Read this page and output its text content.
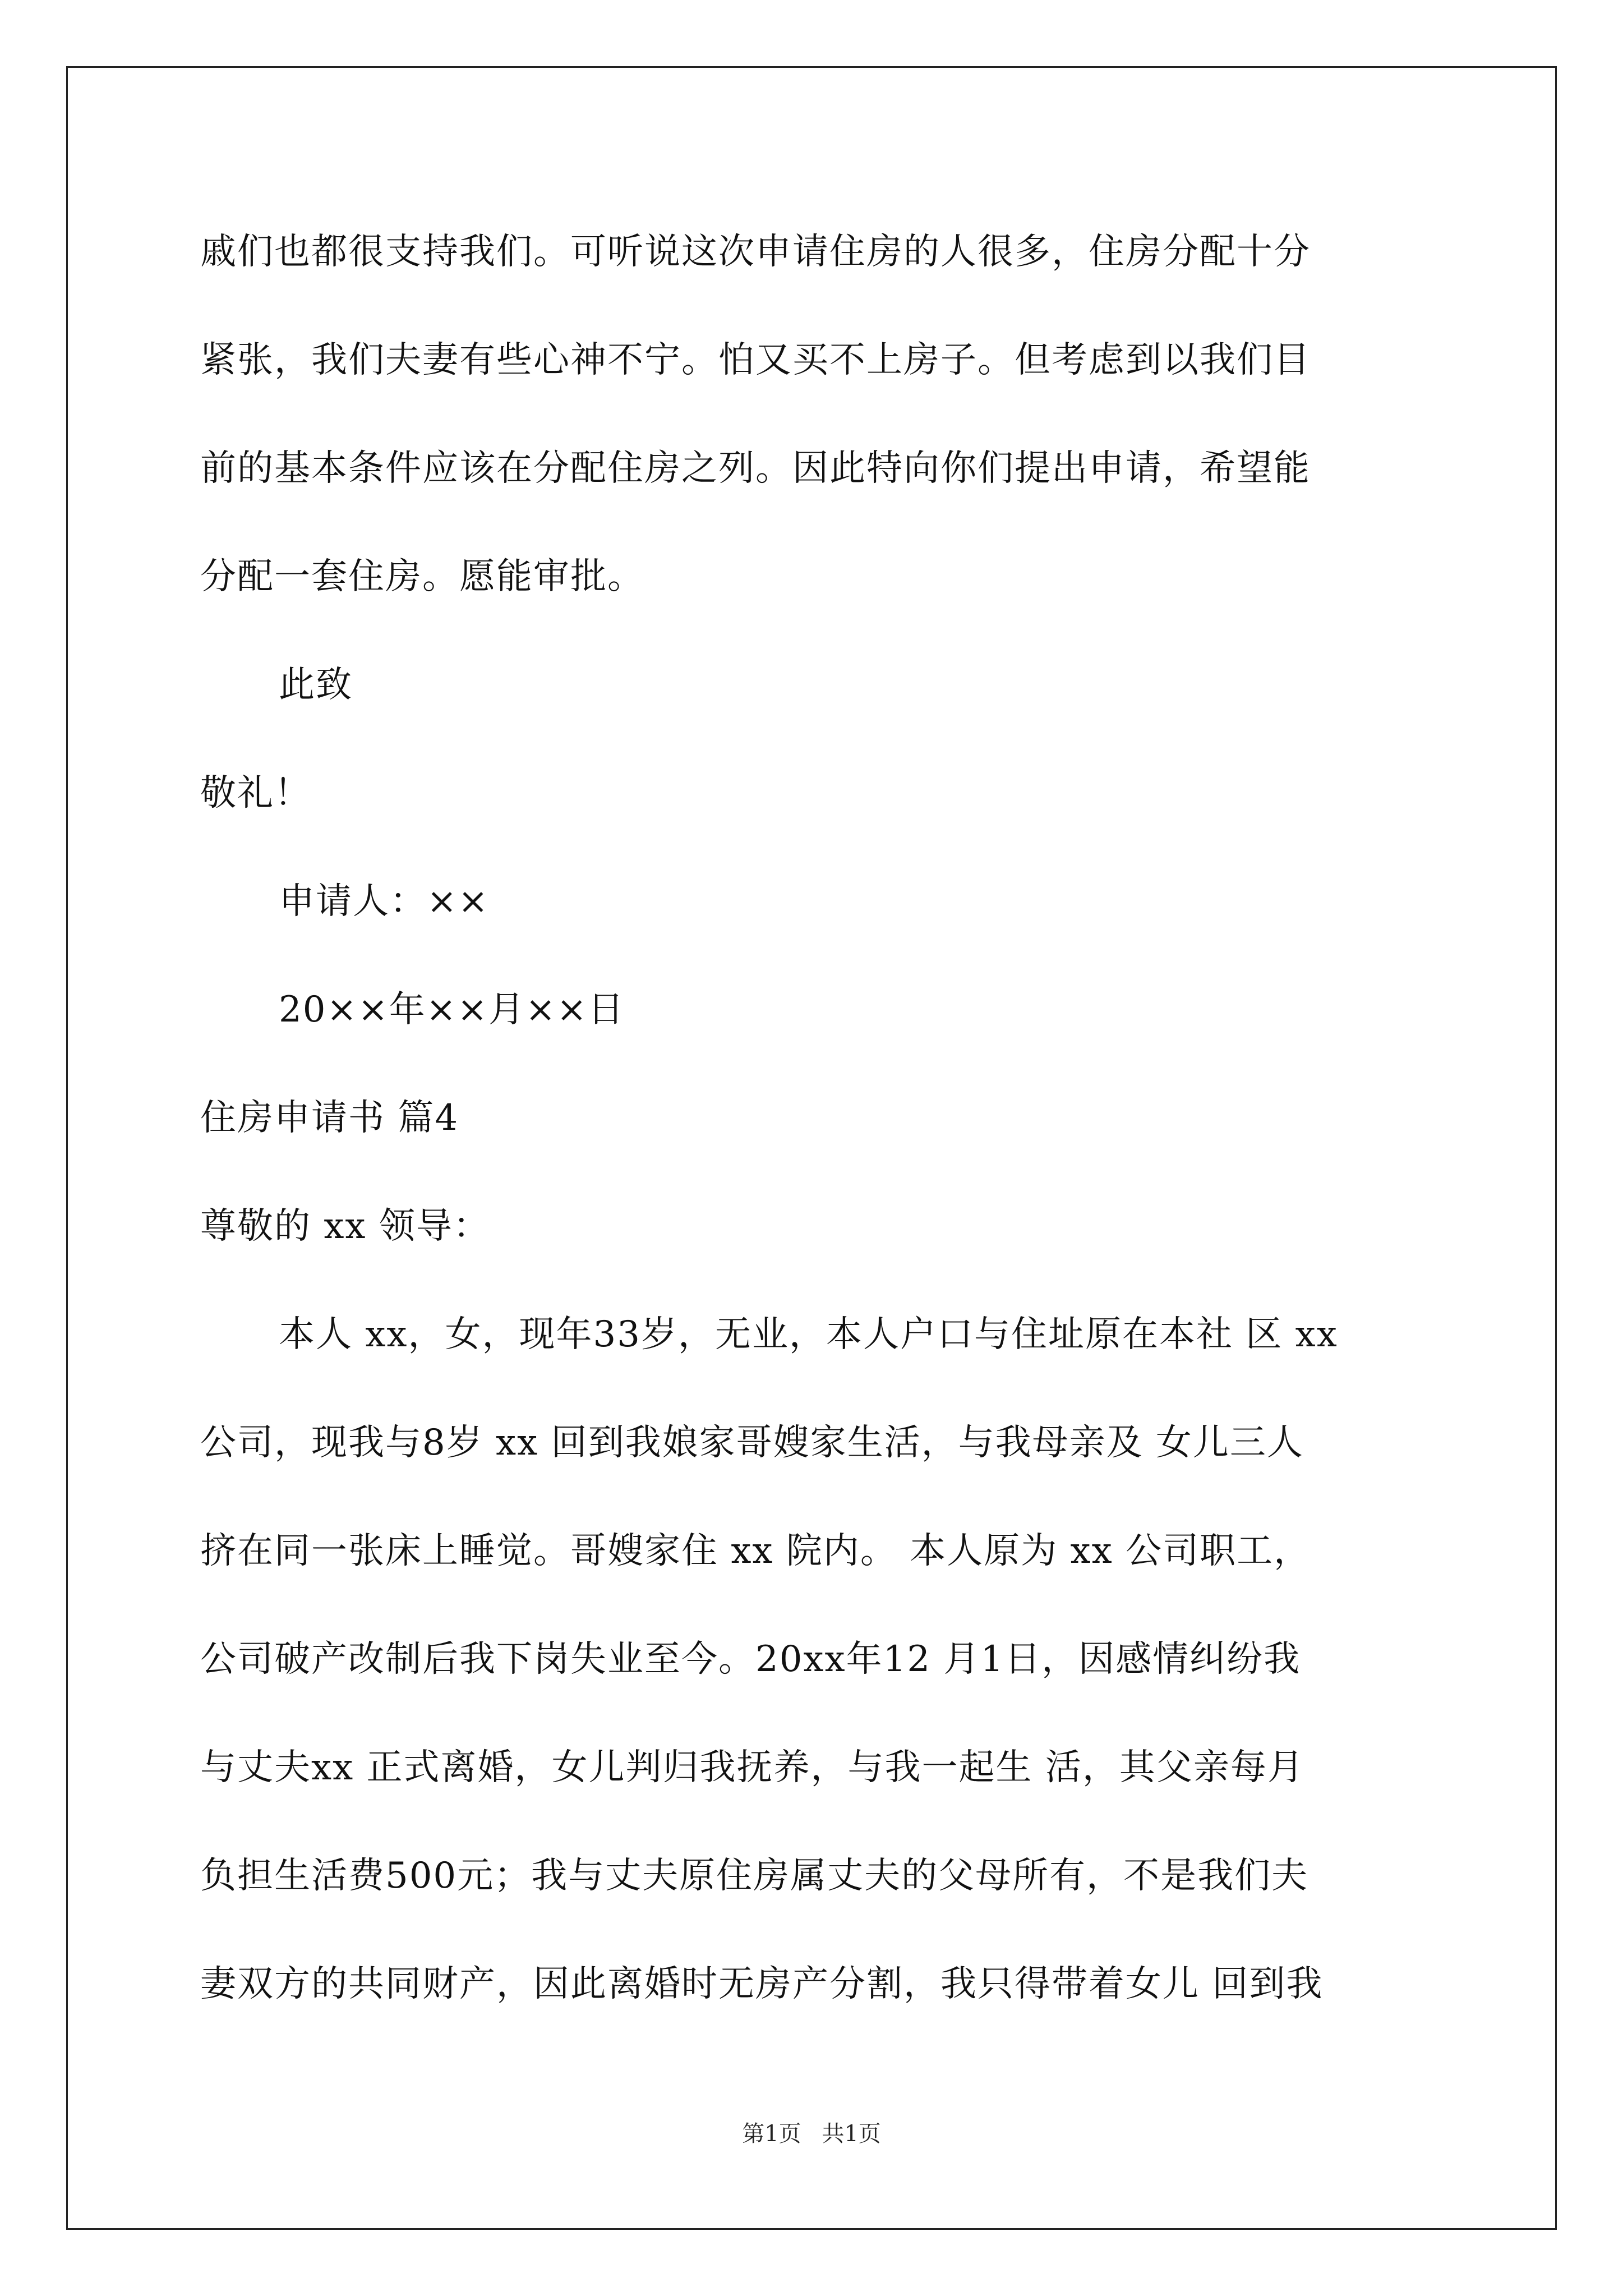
戚们也都很支持我们。可听说这次申请住房的人很多，住房分配十分
紧张，我们夫妻有些心神不宁。怕又买不上房子。但考虑到以我们目
前的基本条件应该在分配住房之列。因此特向你们提出申请，希望能
分配一套住房。愿能审批。
此致
敬礼！
申请人：××
20××年××月××日
住房申请书 篇4
尊敬的 xx 领导：
本人 xx，女，现年33岁，无业，本人户口与住址原在本社 区 xx
公司，现我与8岁 xx 回到我娘家哥嫂家生活，与我母亲及 女儿三人
挤在同一张床上睡觉。哥嫂家住 xx 院内。 本人原为 xx 公司职工，
公司破产改制后我下岗失业至今。20xx年12 月1日，因感情纠纷我
与丈夫xx 正式离婚，女儿判归我抚养，与我一起生 活，其父亲每月
负担生活费500元；我与丈夫原住房属丈夫的父母所有，不是我们夫
妻双方的共同财产，因此离婚时无房产分割，我只得带着女儿 回到我
第1页 共1页
